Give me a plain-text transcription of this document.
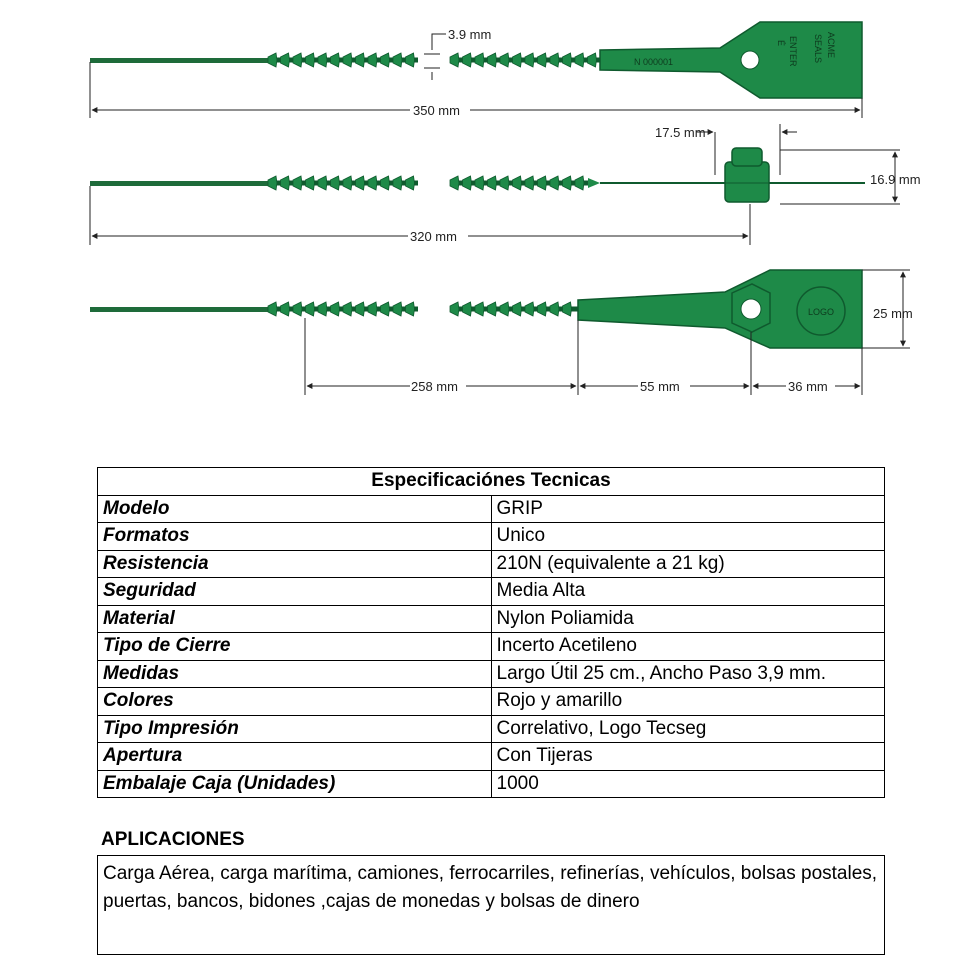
N 000001
ACME
SEALS
ENTER
É
3.9 mm
350 mm
17.5 mm
16.9 mm
320 mm
LOGO	25 mm
258 mm	55 mm	36 mm
Especificaciónes Tecnicas	
Modelo	GRIP
Formatos	Unico
Resistencia	210N (equivalente a 21 kg)
Seguridad	Media Alta
Material	Nylon Poliamida
Tipo de Cierre	Incerto Acetileno
Medidas	Largo Útil 25 cm., Ancho Paso 3,9 mm.
Colores	Rojo y amarillo
Tipo Impresión	Correlativo, Logo Tecseg
Apertura	Con Tijeras
Embalaje Caja (Unidades)	1000
APLICACIONES
Carga Aérea, carga marítima, camiones, ferrocarriles, refinerías, vehículos, bolsas postales, puertas, bancos, bidones ,cajas de monedas y bolsas de dinero
